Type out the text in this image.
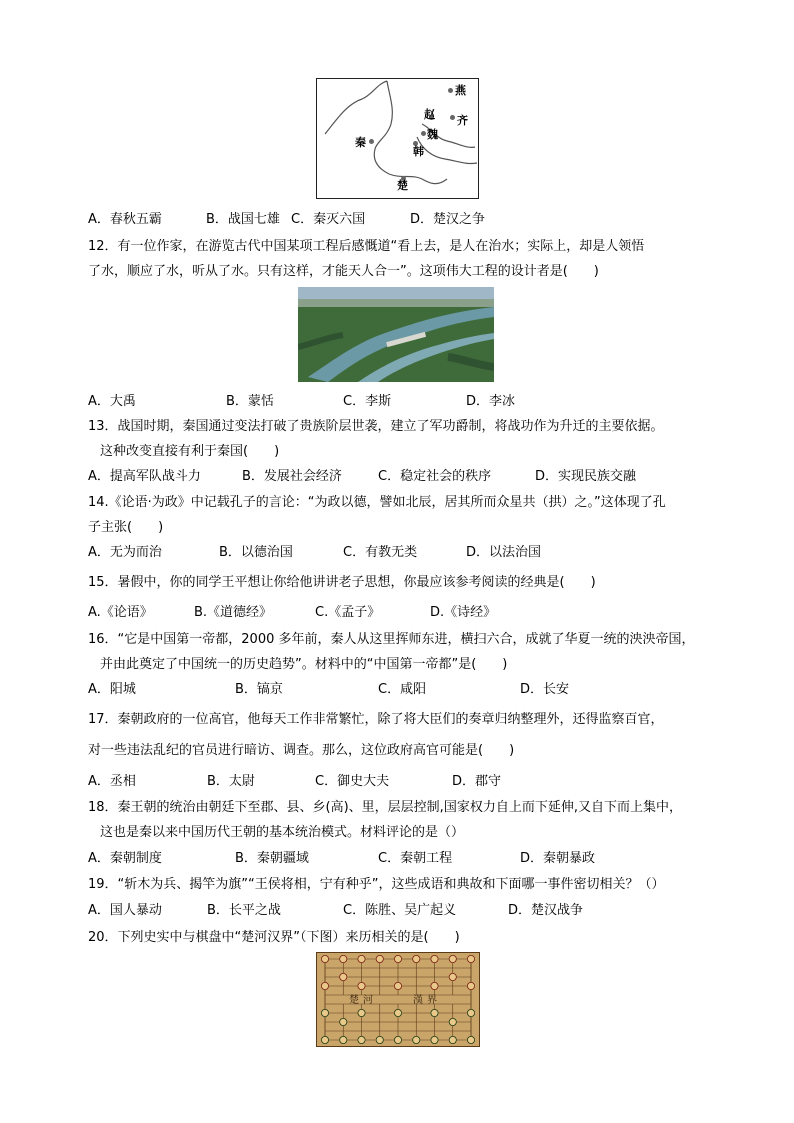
燕
赵 齐
魏
秦
韩
楚
A．春秋五霸	B．战国七雄 C．秦灭六国	D．楚汉之争
12．有一位作家，在游览古代中国某项工程后感慨道“看上去，是人在治水；实际上，却是人领悟
了水，顺应了水，听从了水。只有这样，才能天人合一”。这项伟大工程的设计者是(　　)
A．大禹	B．蒙恬	C．李斯	D．李冰
13．战国时期，秦国通过变法打破了贵族阶层世袭，建立了军功爵制，将战功作为升迁的主要依据。
这种改变直接有利于秦国(　　)
A．提高军队战斗力	B．发展社会经济	C．稳定社会的秩序	D．实现民族交融
14.《论语·为政》中记载孔子的言论：“为政以德，譬如北辰，居其所而众星共（拱）之。”这体现了孔
子主张(　　)
A．无为而治	B．以德治国	C．有教无类	D．以法治国
15．暑假中，你的同学王平想让你给他讲讲老子思想，你最应该参考阅读的经典是(　　)
A.《论语》	B.《道德经》	C.《孟子》	D.《诗经》
16．“它是中国第一帝都，2000 多年前，秦人从这里挥师东进，横扫六合，成就了华夏一统的泱泱帝国，
并由此奠定了中国统一的历史趋势”。材料中的“中国第一帝都”是(　　)
A．阳城	B．镐京	C．咸阳	D．长安
17．秦朝政府的一位高官，他每天工作非常繁忙，除了将大臣们的奏章归纳整理外，还得监察百官，
对一些违法乱纪的官员进行暗访、调查。那么，这位政府高官可能是(　　)
A．丞相	B．太尉	C．御史大夫	D．郡守
18．秦王朝的统治由朝廷下至郡、县、乡(高)、里，层层控制,国家权力自上而下延伸,又自下而上集中，
这也是秦以来中国历代王朝的基本统治模式。材料评论的是（）
A．秦朝制度	B．秦朝疆域	C．秦朝工程	D．秦朝暴政
19．“斩木为兵、揭竿为旗”“王侯将相，宁有种乎”，这些成语和典故和下面哪一事件密切相关？（）
A．国人暴动	B．长平之战	C．陈胜、吴广起义	D．楚汉战争
20．下列史实中与棋盘中“楚河汉界”（下图）来历相关的是(　　)
楚河	漢界
